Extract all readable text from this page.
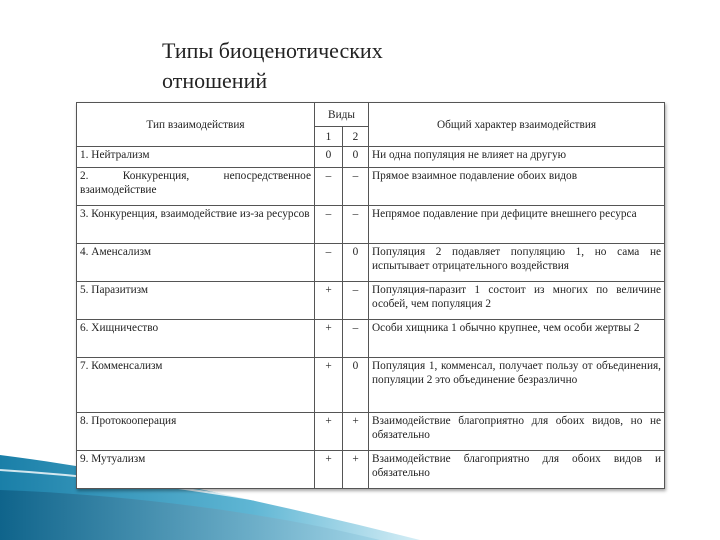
Типы биоценотических
отношений
Тип взаимодействия	Виды		Общий характер взаимодействия
	1	2	
1. Нейтрализм	0	0	Ни одна популяция не влияет на другую
2. Конкуренция, непосредственное взаимодействие	–	–	Прямое взаимное подавление обоих видов
3. Конкуренция, взаимодействие из-за ресурсов	–	–	Непрямое подавление при дефиците внешнего ресурса
4. Аменсализм	–	0	Популяция 2 подавляет популяцию 1, но сама не испытывает отрицательного воздействия
5. Паразитизм	+	–	Популяция-паразит 1 состоит из многих по величине особей, чем популяция 2
6. Хищничество	+	–	Особи хищника 1 обычно крупнее, чем особи жертвы 2
7. Комменсализм	+	0	Популяция 1, комменсал, получает пользу от объединения, популяции 2 это объединение безразлично
8. Протокооперация	+	+	Взаимодействие благоприятно для обоих видов, но не обязательно
9. Мутуализм	+	+	Взаимодействие благоприятно для обоих видов и обязательно
